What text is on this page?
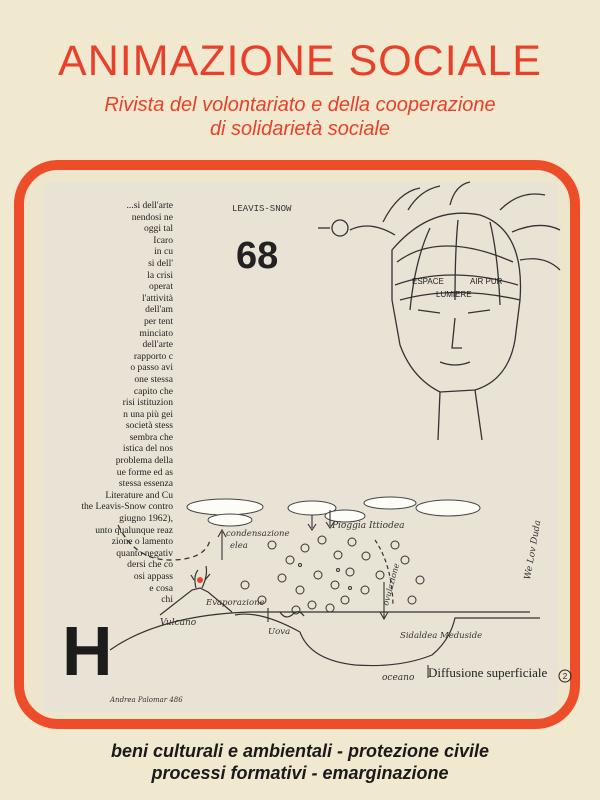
ANIMAZIONE SOCIALE
Rivista del volontariato e della cooperazione
di solidarietà sociale
ESPACE	AIR PUR
LUMIERE
condensazione
elea
Pioggia Ittiodea
Vulcano
Evaporazione
Uova
ovulazione
Sidaldea Meduside
oceano
We Lov Duda
Andrea Palomar 486
2
...si dell'arte
nendosi ne
oggi tal
Icaro
in cu
si dell'
la crisi
operat
l'attività
dell'am
per tent
minciato
dell'arte
rapporto c
o passo avi
one stessa
capito che
risi istituzion
n una più gei
società stess
sembra che
istica del nos
problema della
ue forme ed as
stessa essenza
Literature and Cu
the Leavis-Snow contro
giugno 1962),
unto qualunque reaz
zione o lamento
quanto negativ
dersi che co
osi appass
e cosa
chi
LEAVIS-SNOW
68
H	Diffusione superficiale
beni culturali e ambientali - protezione civile
processi formativi - emarginazione
